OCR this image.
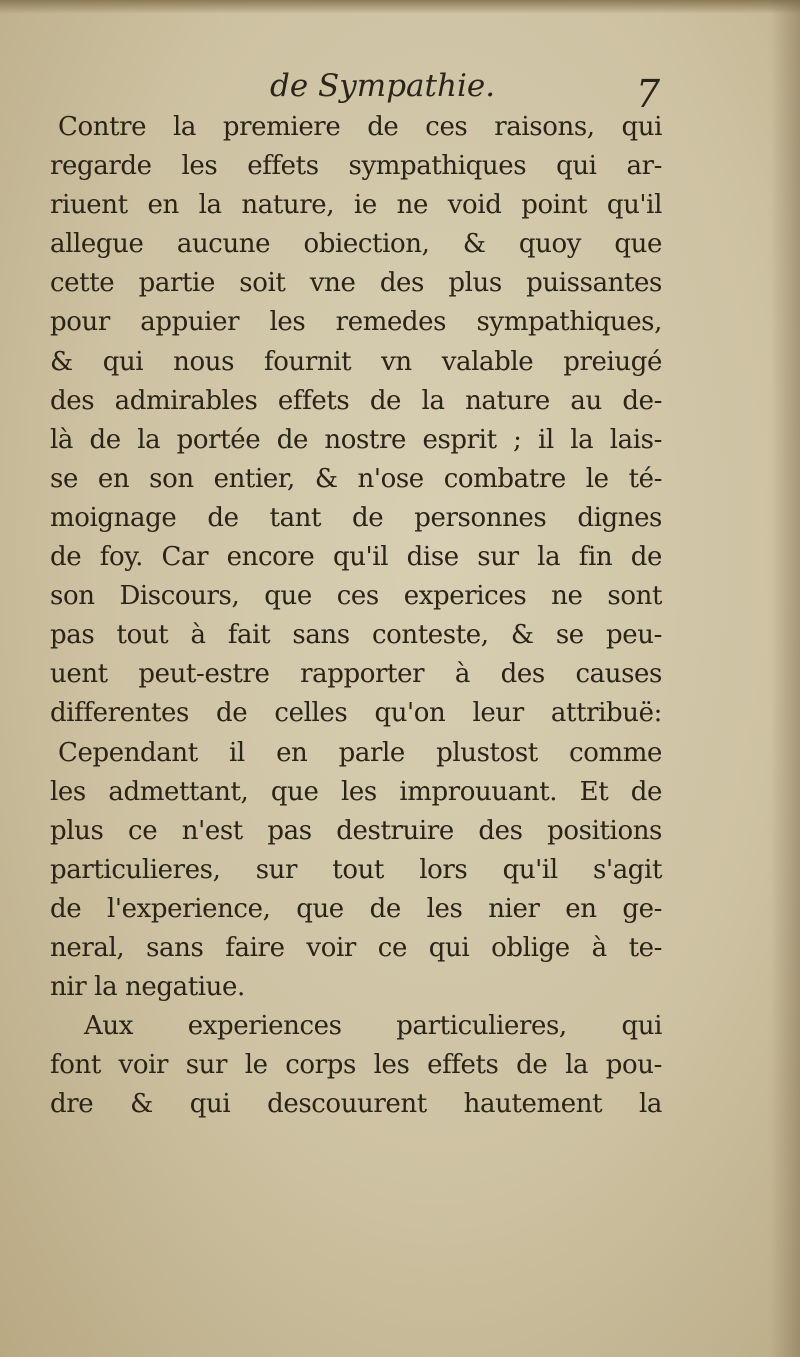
de Sympathie.	7
Contre la premiere de ces raisons, qui
regarde les effets sympathiques qui ar-
riuent en la nature, ie ne void point qu'il
allegue aucune obiection, & quoy que
cette partie soit vne des plus puissantes
pour appuier les remedes sympathiques,
& qui nous fournit vn valable preiugé
des admirables effets de la nature au de-
là de la portée de nostre esprit ; il la lais-
se en son entier, & n'ose combatre le té-
moignage de tant de personnes dignes
de foy. Car encore qu'il dise sur la fin de
son Discours, que ces experices ne sont
pas tout à fait sans conteste, & se peu-
uent peut-estre rapporter à des causes
differentes de celles qu'on leur attribuë:
Cependant il en parle plustost comme
les admettant, que les improuuant. Et de
plus ce n'est pas destruire des positions
particulieres, sur tout lors qu'il s'agit
de l'experience, que de les nier en ge-
neral, sans faire voir ce qui oblige à te-
nir la negatiue.
Aux experiences particulieres, qui
font voir sur le corps les effets de la pou-
dre & qui descouurent hautement la
